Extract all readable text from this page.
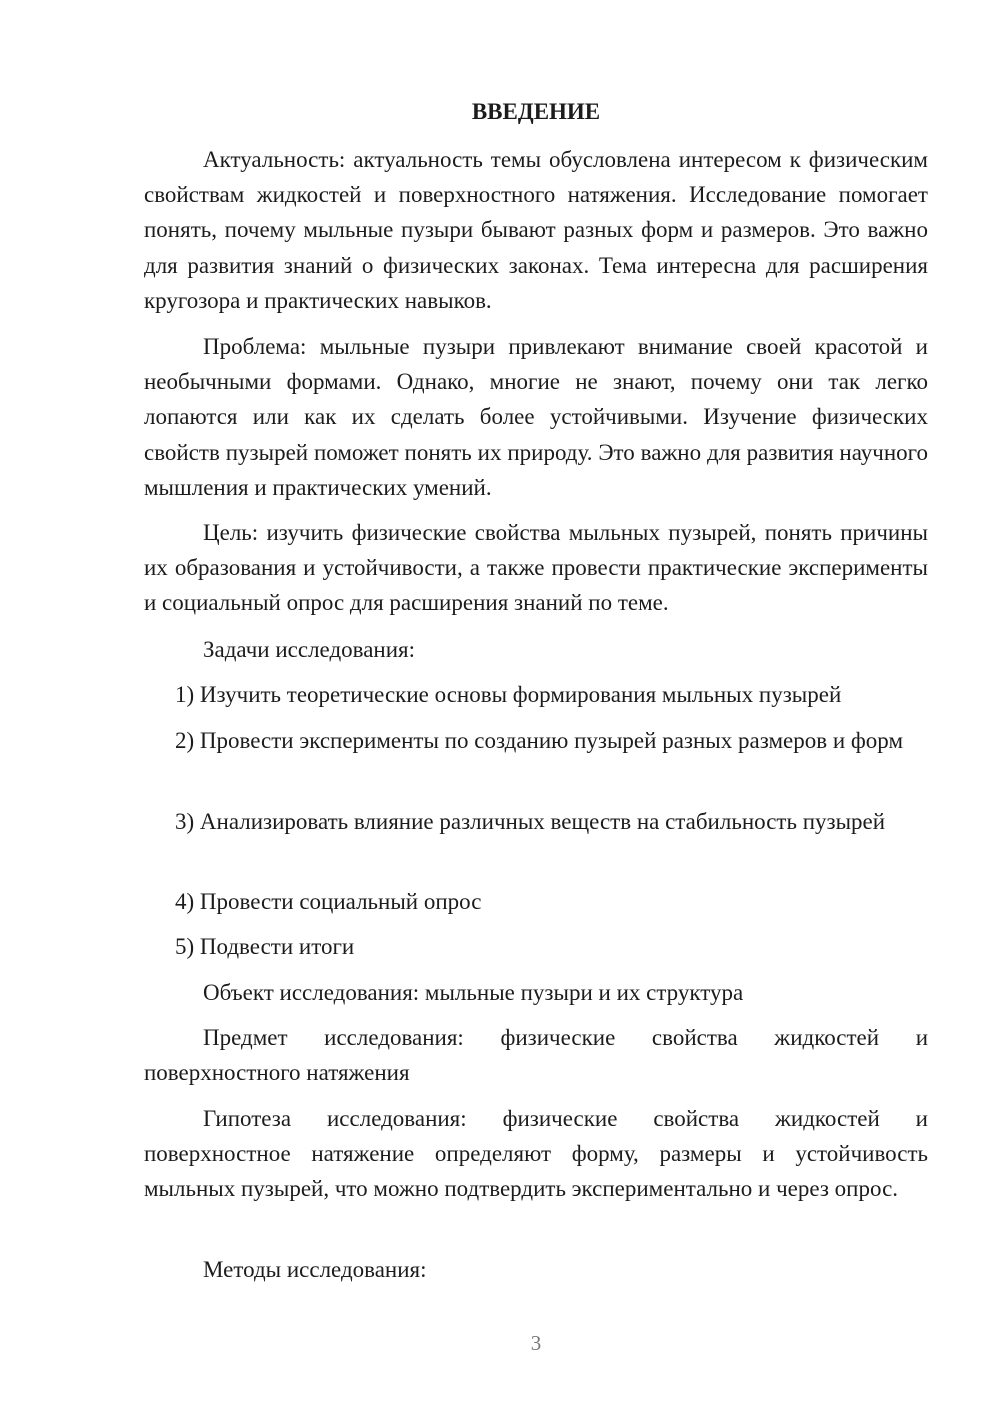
ВВЕДЕНИЕ

Актуальность: актуальность темы обусловлена интересом к физическим свойствам жидкостей и поверхностного натяжения. Исследование помогает понять, почему мыльные пузыри бывают разных форм и размеров. Это важно для развития знаний о физических законах. Тема интересна для расширения кругозора и практических навыков.

Проблема: мыльные пузыри привлекают внимание своей красотой и необычными формами. Однако, многие не знают, почему они так легко лопаются или как их сделать более устойчивыми. Изучение физических свойств пузырей поможет понять их природу. Это важно для развития научного мышления и практических умений.

Цель: изучить физические свойства мыльных пузырей, понять причины их образования и устойчивости, а также провести практические эксперименты и социальный опрос для расширения знаний по теме.

Задачи исследования:

1) Изучить теоретические основы формирования мыльных пузырей

2) Провести эксперименты по созданию пузырей разных размеров и форм

3) Анализировать влияние различных веществ на стабильность пузырей

4) Провести социальный опрос

5) Подвести итоги

Объект исследования: мыльные пузыри и их структура

Предмет исследования: физические свойства жидкостей и поверхностного натяжения

Гипотеза исследования: физические свойства жидкостей и поверхностное натяжение определяют форму, размеры и устойчивость мыльных пузырей, что можно подтвердить экспериментально и через опрос.

Методы исследования:

3
